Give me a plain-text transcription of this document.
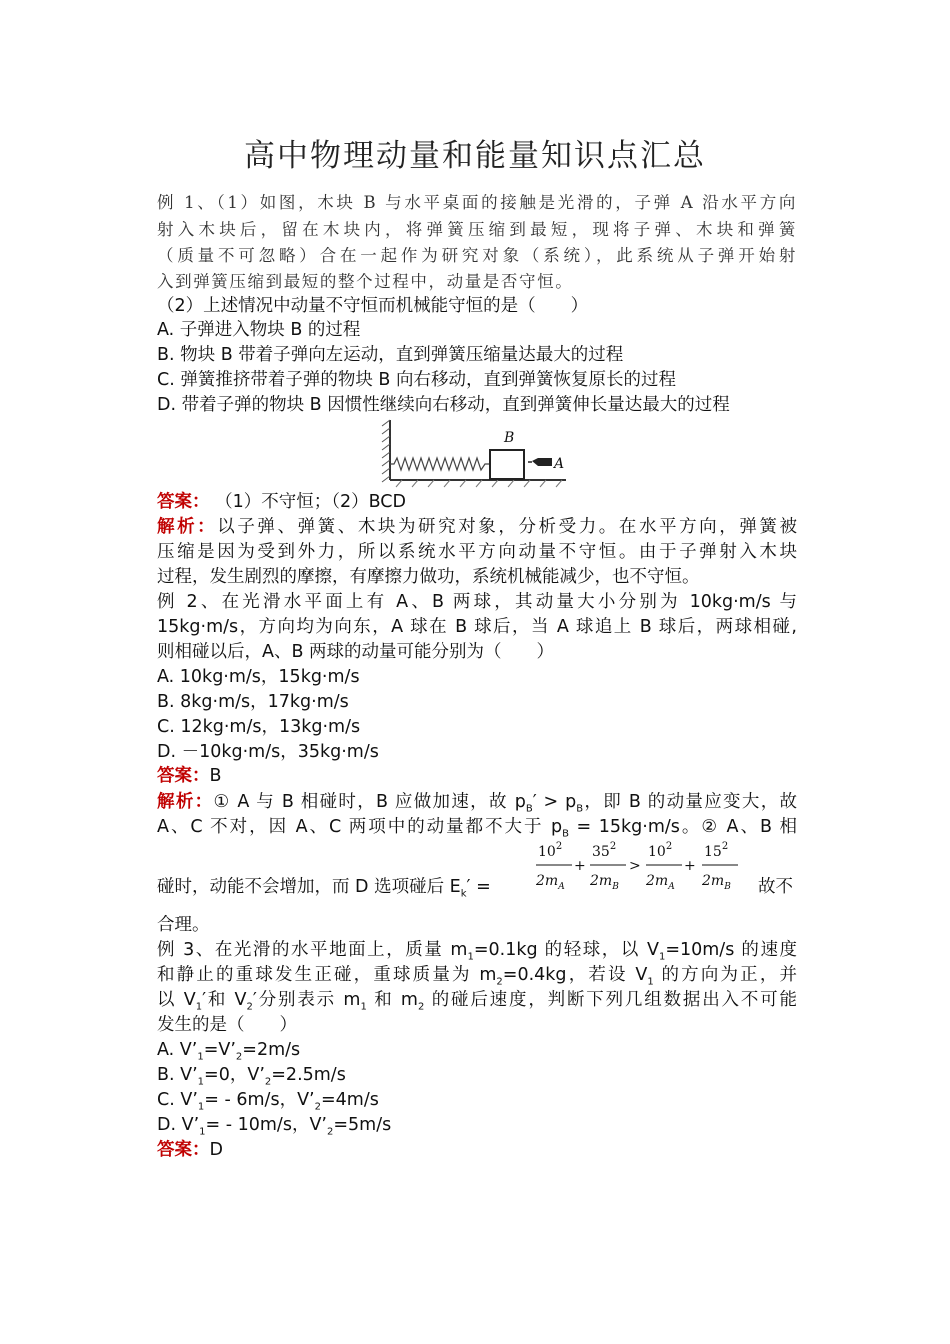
高中物理动量和能量知识点汇总
例 1、（1）如图，木块 B 与水平桌面的接触是光滑的，子弹 A 沿水平方向
射入木块后，留在木块内，将弹簧压缩到最短，现将子弹、木块和弹簧
（质量不可忽略）合在一起作为研究对象（系统），此系统从子弹开始射
入到弹簧压缩到最短的整个过程中，动量是否守恒。
（2）上述情况中动量不守恒而机械能守恒的是（　　）
A. 子弹进入物块 B 的过程
B. 物块 B 带着子弹向左运动，直到弹簧压缩量达最大的过程
C. 弹簧推挤带着子弹的物块 B 向右移动，直到弹簧恢复原长的过程
D. 带着子弹的物块 B 因惯性继续向右移动，直到弹簧伸长量达最大的过程
B
A
答案： （1）不守恒；（2）BCD
解析：以子弹、弹簧、木块为研究对象，分析受力。在水平方向，弹簧被
压缩是因为受到外力，所以系统水平方向动量不守恒。由于子弹射入木块
过程，发生剧烈的摩擦，有摩擦力做功，系统机械能减少，也不守恒。
例 2、在光滑水平面上有 A、B 两球，其动量大小分别为 10kg·m/s 与
15kg·m/s，方向均为向东，A 球在 B 球后，当 A 球追上 B 球后，两球相碰,
则相碰以后，A、B 两球的动量可能分别为（　　）
A. 10kg·m/s，15kg·m/s
B. 8kg·m/s，17kg·m/s
C. 12kg·m/s，13kg·m/s
D. －10kg·m/s，35kg·m/s
答案：B
解析：① A 与 B 相碰时，B 应做加速，故 $p_B' > p_B$，即 B 的动量应变大，故
A、C 不对，因 A、C 两项中的动量都不大于 $p_B = 15kg\cdot m/s$。② A、B 相
碰时，动能不会增加，而 D 选项碰后 $E_k'$ =
$10^2$
$2m_A$
+
$35^2$
$2m_B$
>
$10^2$
$2m_A$
+
$15^2$
$2m_B$ 故不
合理。
例 3、在光滑的水平地面上，质量 $m_1=0.1kg$ 的轻球，以 $V_1=10m/s$ 的速度
和静止的重球发生正碰，重球质量为 $m_2=0.4kg$，若设 $V_1$ 的方向为正，并
以 $V_1'$和 $V_2'$分别表示 $m_1$ 和 $m_2$ 的碰后速度，判断下列几组数据出入不可能
发生的是（　　）
A. $V’_1=V’_2=2m/s$
B. $V’_1=0$，$V’_2=2.5m/s$
C. $V’_1= - 6m/s$，$V’_2=4m/s$
D. $V’_1= - 10m/s$，$V’_2=5m/s$
答案：D
